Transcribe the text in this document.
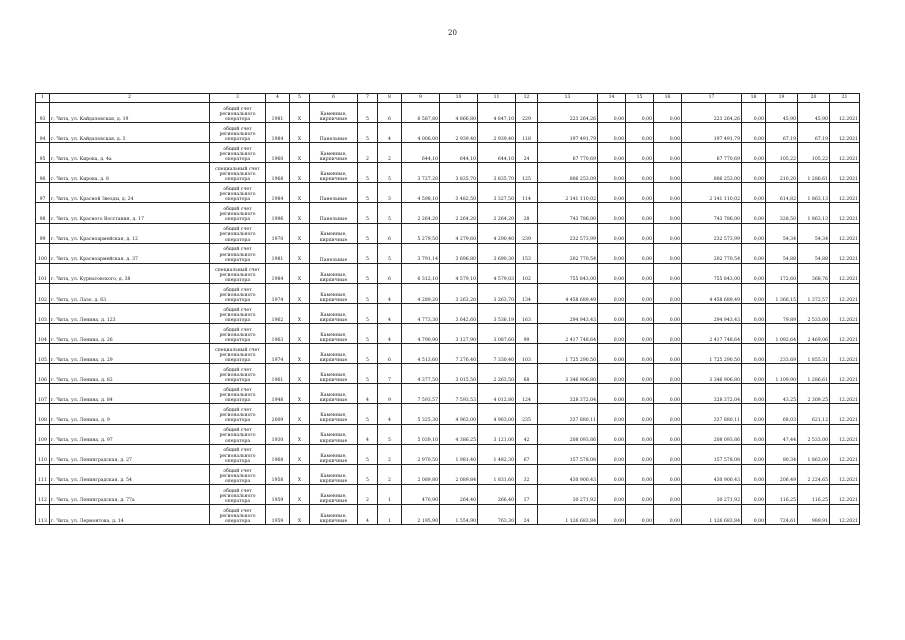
20
1	2	3	4	5	6	7	8	9	10	11	12	13	14	15	16	17	18	19	20	21
93	г. Чита, ул. Кайдаловская, д. 19	общий счет регионального оператора	1981	Х	Каменные, кирпичные	5	6	6 587,80	4 866,80	4 847,10	229	223 264,26	0,00	0,00	0,00	223 264,26	0,00	45,90	45,90	12.2021
94	г. Чита, ул. Кайдаловская, д. 3	общий счет регионального оператора	1984	Х	Панельные	5	4	4 006,00	2 939,40	2 939,40	118	197 491,79	0,00	0,00	0,00	197 491,79	0,00	67,19	67,19	12.2021
95	г. Чита, ул. Кирова, д. 4а	общий счет регионального оператора	1960	Х	Каменные, кирпичные	2	2	644,10	644,10	644,10	24	67 770,69	0,00	0,00	0,00	67 770,69	0,00	105,22	105,22	12.2021
96	г. Чита, ул. Кирова, д. 8	специальный счет регионального оператора	1968	Х	Каменные, кирпичные	5	5	3 727,20	3 835,70	3 835,70	125	806 253,09	0,00	0,00	0,00	806 253,00	0,00	210,20	1 286,61	12.2021
97	г. Чита, ул. Красной Звезды, д. 24	общий счет регионального оператора	1984	Х	Панельные	5	3	4 598,10	3 482,50	3 327,50	114	2 141 110,02	0,00	0,00	0,00	2 141 110,02	0,00	614,82	1 863,13	12.2021
98	г. Чита, ул. Красного Восстания, д. 17	общий счет регионального оператора	1996	Х	Панельные	5	5	2 264,20	2 264,20	2 264,20	28	743 786,00	0,00	0,00	0,00	743 786,00	0,00	328,50	1 863,13	12.2021
99	г. Чита, ул. Красноармейская, д. 12	общий счет регионального оператора	1970	Х	Каменные, кирпичные	5	6	5 279,50	4 279,60	4 290,40	239	232 573,99	0,00	0,00	0,00	232 573,99	0,00	54,34	54,34	12.2021
100	г. Чита, ул. Красноармейская, д. 37	общий счет регионального оператора	1981	Х	Панельные	5	5	3 791,14	3 696,80	3 690,30	153	202 770,54	0,00	0,00	0,00	202 770,54	0,00	54,88	54,88	12.2021
101	г. Чита, ул. Курнатовского, д. 38	специальный счет регионального оператора	1984	Х	Каменные, кирпичные	5	6	6 312,10	4 579,10	4 579,03	102	755 843,00	0,00	0,00	0,00	755 843,00	0,00	172,60	368,76	12.2021
102	г. Чита, ул. Лазо, д. 63	общий счет регионального оператора	1974	Х	Каменные, кирпичные	5	4	4 289,20	3 263,20	3 263,70	134	4 458 689,49	0,00	0,00	0,00	4 458 689,49	0,00	1 366,15	1 372,57	12.2021
103	г. Чита, ул. Ленина, д. 123	общий счет регионального оператора	1962	Х	Каменные, кирпичные	5	4	4 773,30	3 642,60	3 536,19	163	294 943,43	0,00	0,00	0,00	294 943,43	0,00	79,89	2 533,00	12.2021
104	г. Чита, ул. Ленина, д. 26	общий счет регионального оператора	1963	Х	Каменные, кирпичные	5	4	4 790,90	3 127,90	3 087,60	99	2 417 748,64	0,00	0,00	0,00	2 417 748,64	0,00	1 092,64	2 469,06	12.2021
105	г. Чита, ул. Ленина, д. 29	специальный счет регионального оператора	1974	Х	Каменные, кирпичные	5	6	4 513,60	7 276,40	7 330,40	103	1 725 290,50	0,00	0,00	0,00	1 725 290,50	0,00	233,69	1 855,31	12.2021
106	г. Чита, ул. Ленина, д. 82	общий счет регионального оператора	1961	Х	Каменные, кирпичные	5	7	4 377,50	3 015,50	2 263,50	68	3 346 906,80	0,00	0,00	0,00	3 346 906,80	0,00	1 109,90	1 286,61	12.2021
107	г. Чита, ул. Ленина, д. 84	общий счет регионального оператора	1948	Х	Каменные, кирпичные	4	9	7 593,57	7 593,53	4 012,80	124	328 372,04	0,00	0,00	0,00	328 372,04	0,00	43,25	2 309,25	12.2021
108	г. Чита, ул. Ленина, д. 9	общий счет регионального оператора	2009	Х	Каменные, кирпичные	5	4	5 325,30	4 963,00	4 963,00	235	337 880,11	0,00	0,00	0,00	337 880,11	0,00	68,03	621,12	12.2021
109	г. Чита, ул. Ленина, д. 97	общий счет регионального оператора	1930	Х	Каменные, кирпичные	4	5	5 039,10	4 386,25	3 121,00	42	208 093,86	0,00	0,00	0,00	208 093,86	0,00	47,44	2 533,00	12.2021
110	г. Чита, ул. Ленинградская, д. 27	общий счет регионального оператора	1968	Х	Каменные, кирпичные	5	2	2 970,50	1 981,40	1 482,30	67	157 578,08	0,00	0,00	0,00	157 578,08	0,00	80,34	1 863,00	12.2021
111	г. Чита, ул. Ленинградская, д. 54	общий счет регионального оператора	1958	Х	Каменные, кирпичные	5	2	2 089,80	2 089,84	1 831,60	32	430 900,43	0,00	0,00	0,00	430 900,43	0,00	206,49	2 224,65	12.2021
112	г. Чита, ул. Ленинградская, д. 77а	общий счет регионального оператора	1959	Х	Каменные, кирпичные	2	1	470,90	264,40	266,40	17	30 271,92	0,00	0,00	0,00	30 271,92	0,00	116,25	116,25	12.2021
113	г. Чита, ул. Лермонтова, д. 14	общий счет регионального оператора	1959	Х	Каменные, кирпичные	4	1	2 195,90	1 554,90	763,30	24	1 126 683,84	0,00	0,00	0,00	1 126 683,84	0,00	724,61	989,91	12.2021
